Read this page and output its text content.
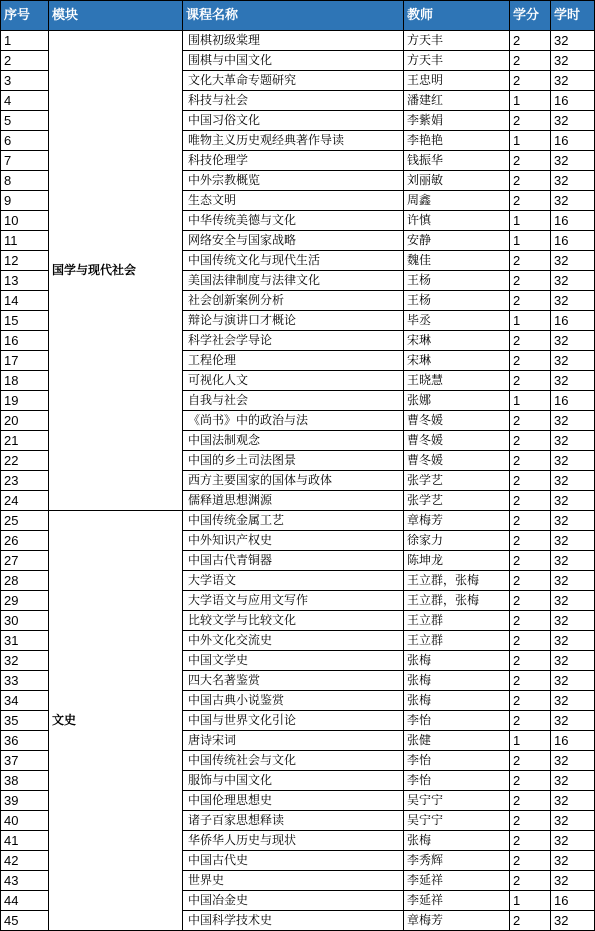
序号	模块	课程名称	教师	学分	学时
1	国学与现代社会	围棋初级棠理	方天丰	2	32
2		围棋与中国文化	方天丰	2	32
3		文化大革命专题研究	王忠明	2	32
4		科技与社会	潘建红	1	16
5		中国习俗文化	李紫娟	2	32
6		唯物主义历史观经典著作导读	李艳艳	1	16
7		科技伦理学	钱振华	2	32
8		中外宗教概览	刘丽敏	2	32
9		生态文明	周鑫	2	32
10		中华传统美德与文化	许慎	1	16
11		网络安全与国家战略	安静	1	16
12		中国传统文化与现代生活	魏佳	2	32
13		美国法律制度与法律文化	王杨	2	32
14		社会创新案例分析	王杨	2	32
15		辩论与演讲口才概论	毕丞	1	16
16		科学社会学导论	宋琳	2	32
17		工程伦理	宋琳	2	32
18		可视化人文	王晓慧	2	32
19		自我与社会	张娜	1	16
20		《尚书》中的政治与法	曹冬媛	2	32
21		中国法制观念	曹冬媛	2	32
22		中国的乡土司法图景	曹冬媛	2	32
23		西方主要国家的国体与政体	张学艺	2	32
24		儒释道思想渊源	张学艺	2	32
25	文史	中国传统金属工艺	章梅芳	2	32
26		中外知识产权史	徐家力	2	32
27		中国古代青铜器	陈坤龙	2	32
28		大学语文	王立群，张梅	2	32
29		大学语文与应用文写作	王立群，张梅	2	32
30		比较文学与比较文化	王立群	2	32
31		中外文化交流史	王立群	2	32
32		中国文学史	张梅	2	32
33		四大名著鉴赏	张梅	2	32
34		中国古典小说鉴赏	张梅	2	32
35		中国与世界文化引论	李怡	2	32
36		唐诗宋词	张健	1	16
37		中国传统社会与文化	李怡	2	32
38		服饰与中国文化	李怡	2	32
39		中国伦理思想史	吴宁宁	2	32
40		诸子百家思想释读	吴宁宁	2	32
41		华侨华人历史与现状	张梅	2	32
42		中国古代史	李秀辉	2	32
43		世界史	李延祥	2	32
44		中国冶金史	李延祥	1	16
45		中国科学技术史	章梅芳	2	32
